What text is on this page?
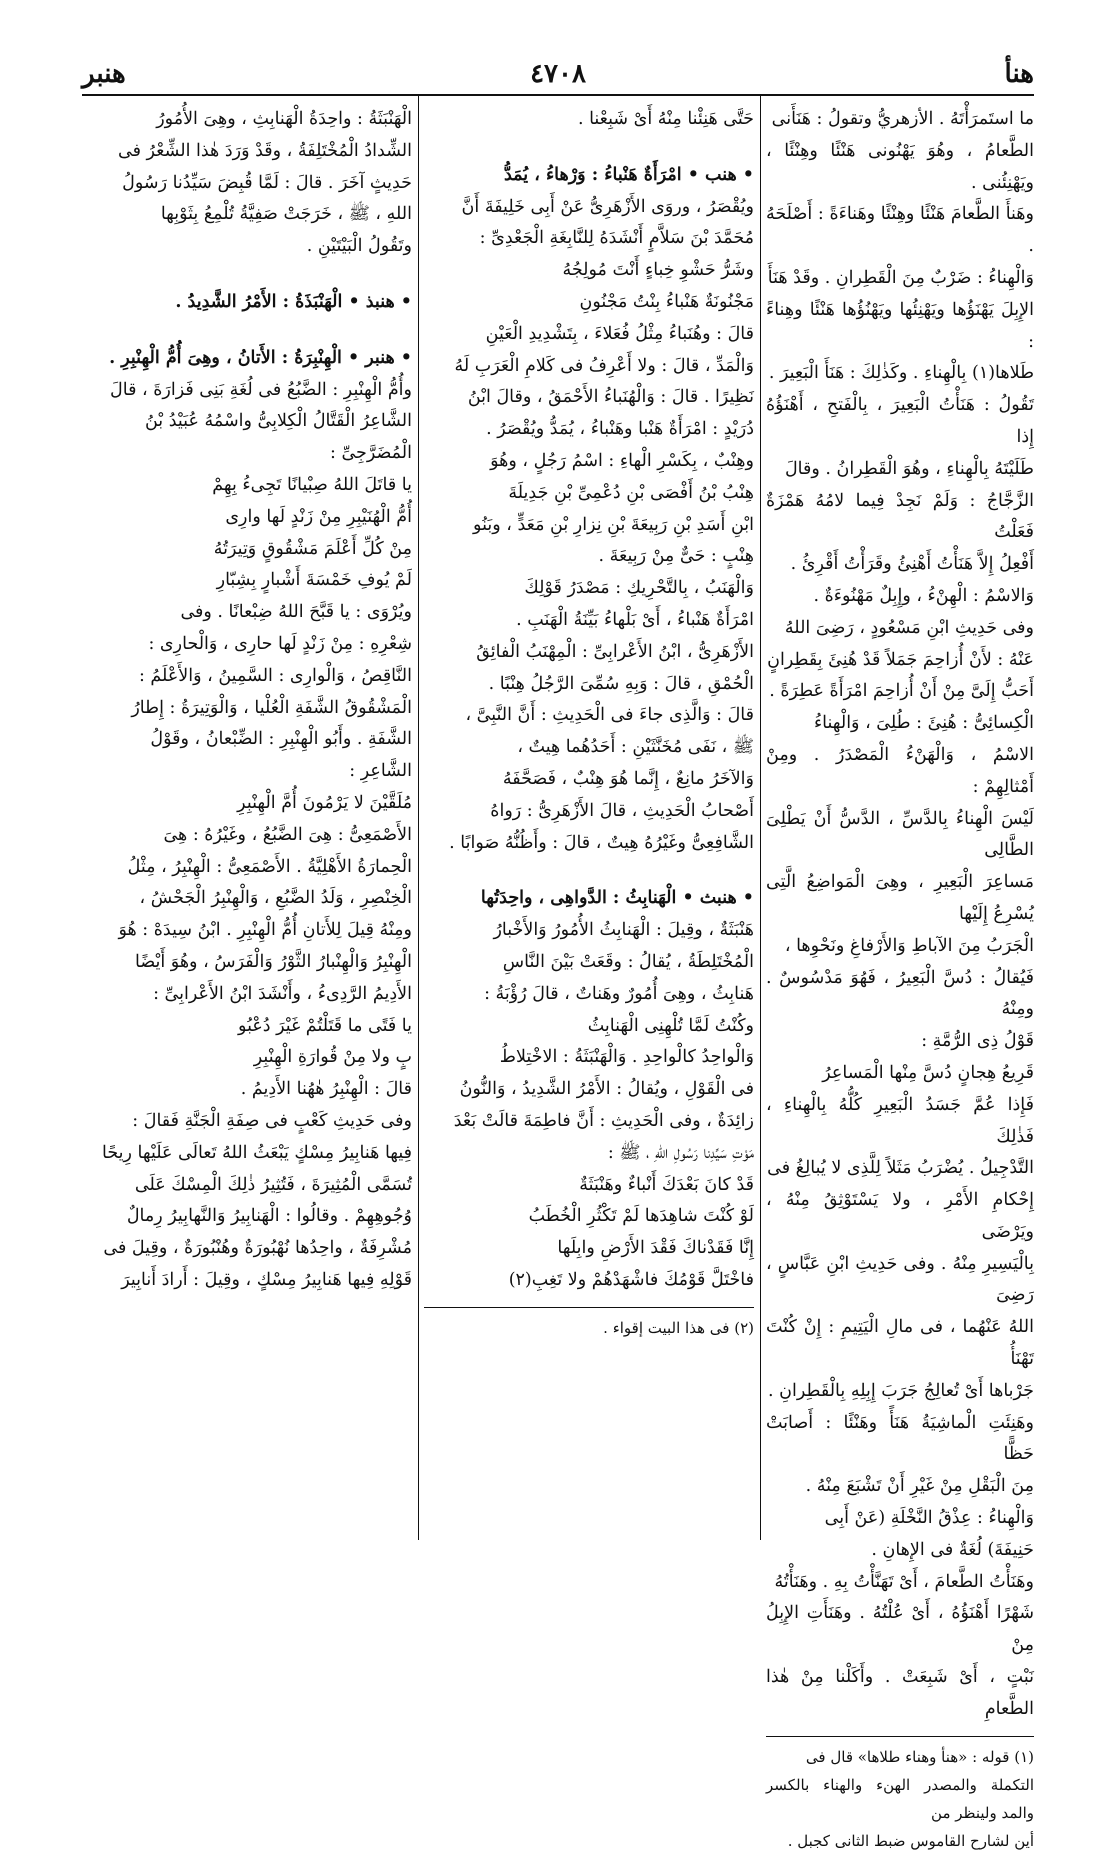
٤٧٠٨	هنأ
هنبر

ما استَمرَأْتَهُ . الأزهريُّ وتقولُ : هَنَأَنى

الطَّعامُ ، وهُوَ يَهْنُونى هَنْئًا وهِنْئًا ، ويَهْنِئُنى .

وهَنأَ الطَّعامَ هَنْئًا وهِنْئًا وهَناءَةً : أَصْلَحَهُ .

وَالْهِناءُ : ضَرْبٌ مِنَ الْقَطِرانِ . وقَدْ هَنَأَ

الإِبِلَ يَهْنَؤُها ويَهْنِئُها ويَهْنُؤُها هَنْئًا وهِناءً :

طَلاها(١) بِالْهِناءِ . وكَذٰلِكَ : هَنَأَ الْبَعِيرَ .

تَقُولُ : هَنَأْتُ الْبَعِيرَ ، بِالْفَتحِ ، أَهْنَؤُهُ إِذا

طَلَيْتَهُ بِالْهِناءِ ، وهُوَ الْقَطِرانُ . وقالَ

الزَّجَّاجُ : وَلَمْ نَجِدْ فِيما لامُهُ هَمْزَةٌ فَعَلْتُ

أَفْعِلُ إِلاَّ هَنَأْتُ أَهْنِئُ وقَرَأْتُ أَقْرِئُ .

وَالاسْمُ : الْهِنْءُ ، وإِبِلٌ مَهْنُوءَةٌ .

وفى حَدِيثِ ابْنِ مَسْعُودٍ ، رَضِىَ اللهُ

عَنْهُ : لأَنْ أُزاحِمَ جَمَلاً قَدْ هُنِئَ بِقَطِرانٍ

أَحَبُّ إِلَىَّ مِنْ أَنْ أُزاحِمَ امْرَأَةً عَطِرَةً .

الْكِسائِىُّ : هُنِئَ : طُلِىَ ، وَالْهِناءُ

الاسْمُ ، وَالْهَنْءُ الْمَصْدَرُ . ومِنْ أَمْثالِهِمْ :

لَيْسَ الْهِناءُ بِالدَّسِّ ، الدَّسُّ أَنْ يَطْلِىَ الطَّالِى

مَساعِرَ الْبَعِيرِ ، وهِىَ الْمَواضِعُ الَّتِى يُسْرِعُ إِلَيْها

الْجَرَبُ مِنَ الآباطِ وَالأَرْفاغِ ونَحْوِها ،

فَيُقالُ : دُسَّ الْبَعِيرُ ، فَهُوَ مَدْسُوسٌ . ومِنْهُ

قَوْلُ ذِى الرُّمَّةِ :

قَرِيعُ هِجانٍ دُسَّ مِنْها الْمَساعِرُ

فَإِذا عُمَّ جَسَدُ الْبَعِيرِ كُلُّهُ بِالْهِناءِ ، فَذٰلِكَ

التَّدْجِيلُ . يُضْرَبُ مَثَلاً لِلَّذِى لا يُبالِغُ فى

إِحْكامِ الأَمْرِ ، ولا يَسْتَوْثِقُ مِنْهُ ، ويَرْضَى

بِالْيَسِيرِ مِنْهُ . وفى حَدِيثِ ابْنِ عَبَّاسٍ ، رَضِىَ

اللهُ عَنْهُما ، فى مالِ الْيَتِيمِ : إِنْ كُنْتَ تَهْنَأُ

جَرْباها أَىْ تُعالِجُ جَرَبَ إِبِلِهِ بِالْقَطِرانِ .

وهَنِئَتِ الْماشِيَةُ هَنَأً وهَنْئًا : أَصابَتْ حَظًّا

مِنَ الْبَقْلِ مِنْ غَيْرِ أَنْ تَشْبَعَ مِنْهُ .

وَالْهِناءُ : عِذْقُ النَّخْلَةِ (عَنْ أَبِى

حَنِيفَةَ) لُغَةٌ فى الإِهانِ .

وهَنَأْتُ الطَّعامَ ، أَىْ تَهَنَّأْتُ بِهِ . وهَنَأْتُهُ

شَهْرًا أَهْنَؤُهُ ، أَىْ عُلْتُهُ . وهَنَأَتِ الإِبِلُ مِنْ

نَبْتٍ ، أَىْ شَبِعَتْ . وأَكَلْنا مِنْ هٰذا الطَّعامِ

(١) قوله : «هنأ وهناء طلاها» قال فى

التكملة والمصدر الهنء والهناء بالكسر والمد ولينظر من

أين لشارح القاموس ضبط الثانى كجبل .

حَتَّى هَنِئْنا مِنْهُ أَىْ شَبِعْنا .

• هنب • امْرَأَةٌ هَنْباءُ : وَرْهاءُ ، يُمَدُّ

ويُقْصَرُ ، وروَى الأَزْهَرِىُّ عَنْ أَبِى خَلِيفَةَ أَنَّ

مُحَمَّدَ بْنَ سَلاَّمٍ أَنْشَدَهُ لِلنَّابِغَةِ الْجَعْدِىِّ :

وشَرُّ حَشْوِ خِباءٍ أَنْتَ مُولِجُهُ

مَجْنُونَةٌ هَنْباءُ بِنْتُ مَجْنُونِ

قالَ : وهُنَباءُ مِثْلُ فُعَلاءَ ، بِتَشْدِيدِ الْعَيْنِ

وَالْمَدِّ ، قالَ : ولا أَعْرِفُ فى كَلامِ الْعَرَبِ لَهُ

نَظِيرًا . قالَ : وَالْهُنَباءُ الأَحْمَقُ ، وقالَ ابْنُ

دُرَيْدٍ : امْرَأَةٌ هَنْبا وهَنْباءُ ، يُمَدُّ ويُقْصَرُ .

وهِنْبٌ ، بِكَسْرِ الْهاءِ : اسْمُ رَجُلٍ ، وهُوَ

هِنْبُ بْنُ أَفْصَى بْنِ دُعْمِىِّ بْنِ جَدِيلَةَ

ابْنِ أَسَدِ بْنِ رَبِيعَةَ بْنِ نِزارِ بْنِ مَعَدٍّ ، وبَنُو

هِنْبٍ : حَىٌّ مِنْ رَبِيعَةَ .

وَالْهَنَبُ ، بِالتَّحْرِيكِ : مَصْدَرُ قَوْلِكَ

امْرَأَةٌ هَنْباءُ ، أَىْ بَلْهاءُ بَيِّنَةُ الْهَنَبِ .

الأَزْهَرِىُّ ، ابْنُ الأَعْرابِىِّ : الْمِهْنَبُ الْفائِقُ

الْحُمْقِ ، قالَ : وَبِهِ سُمِّىَ الرَّجُلُ هِنْبًا .

قالَ : وَالَّذِى جاءَ فى الْحَدِيثِ : أَنَّ النَّبِىَّ ،

ﷺ ، نَفَى مُخَنَّثَيْنِ : أَحَدُهُما هِيتٌ ،

وَالآخَرُ مانِعٌ ، إِنَّما هُوَ هِنْبٌ ، فَصَحَّفَهُ

أَصْحابُ الْحَدِيثِ ، قالَ الأَزْهَرِىُّ : رَواهُ

الشَّافِعِىُّ وغَيْرُهُ هِيتٌ ، قالَ : وأَظُنُّهُ صَوابًا .

• هنبث • الْهَنابِثُ : الدَّواهِى ، واحِدَتُها

هَنْبَثَةٌ ، وقِيلَ : الْهَنابِثُ الأُمُورُ وَالأَخْبارُ

الْمُخْتَلِطَةُ ، يُقالُ : وقَعَتْ بَيْنَ النَّاسِ

هَنابِثُ ، وهِىَ أُمُورٌ وهَناتٌ ، قالَ رُؤْبَةُ :

وكُنْتُ لَمَّا تُلْهِنِى الْهَنابِثُ

وَالْواحِدُ كالْواحِدِ . وَالْهَنْبَثَةُ : الاخْتِلاطُ

فى الْقَوْلِ ، ويُقالُ : الأَمْرُ الشَّدِيدُ ، وَالنُّونُ

زائِدَةٌ ، وفى الْحَدِيثِ : أَنَّ فاطِمَةَ قالَتْ بَعْدَ

مَوْتِ سَيِّدِنا رَسُولِ اللهِ ، ﷺ :

قَدْ كانَ بَعْدَكَ أَنْباءٌ وهَنْبَثَةٌ

لَوْ كُنْتَ شاهِدَها لَمْ تَكْثُرِ الْخُطَبُ

إِنَّا فَقَدْناكَ فَقْدَ الأَرْضِ وابِلَها

فاخْتَلَّ قَوْمُكَ فاشْهَدْهُمْ ولا تَغِبِ(٢)

(٢) فى هذا البيت إقواء .

الْهَنْبَثَةُ : واحِدَةُ الْهَنابِثِ ، وهِىَ الأُمُورُ

الشِّدادُ الْمُخْتَلِفَةُ ، وقَدْ وَرَدَ هٰذا الشِّعْرُ فى

حَدِيثٍ آخَرَ . قالَ : لَمَّا قُبِضَ سَيِّدُنا رَسُولُ

اللهِ ، ﷺ ، خَرَجَتْ صَفِيَّةُ تُلْمِعُ بِثَوْبِها

وتَقُولُ الْبَيْتَيْنِ .

• هنبذ • الْهَنْبَذَةُ : الأَمْرُ الشَّدِيدُ .

• هنبر • الْهِنْبِرَةُ : الأَتانُ ، وهِىَ أُمُّ الْهِنْبِرِ .

وأُمُّ الْهِنْبِرِ : الضَّبُعُ فى لُغَةِ بَنِى فَزارَةَ ، قالَ

الشَّاعِرُ الْقَتَّالُ الْكِلابِىُّ واسْمُهُ عُبَيْدُ بْنُ

الْمُضَرَّجِىِّ :

يا قاتَلَ اللهُ صِبْيانًا تَجِىءُ بِهِمْ

أُمُّ الْهُنَيْبِرِ مِنْ زَنْدٍ لَها وارِى

مِنْ كُلِّ أَعْلَمَ مَشْقُوقٍ وَتِيرَتُهُ

لَمْ يُوفِ خَمْسَةَ أَشْبارٍ بِشِبّارِ

ويُرْوَى : يا قَبَّحَ اللهُ ضِبْعانًا . وفى

شِعْرِهِ : مِنْ زَنْدٍ لَها حارِى ، وَالْحارِى :

النَّاقِصُ ، وَالْوارِى : السَّمِينُ ، وَالأَعْلَمُ :

الْمَشْقُوقُ الشَّفَةِ الْعُلْيا ، وَالْوَتِيرَةُ : إِطارُ

الشَّفَةِ . وأَبُو الْهِنْبِرِ : الضِّبْعانُ ، وقَوْلُ

الشَّاعِرِ :

مُلَقَّيْنَ لا يَرْمُونَ أُمَّ الْهِنْبِرِ

الأَصْمَعِىُّ : هِىَ الضَّبُعُ ، وغَيْرُهُ : هِىَ

الْحِمارَةُ الأَهْلِيَّةُ . الأَصْمَعِىُّ : الْهِنْبِرُ ، مِثْلُ

الْخِنْصِرِ ، وَلَدُ الضَّبُعِ ، وَالْهِنْبِرُ الْجَحْشُ ،

ومِنْهُ قِيلَ لِلأَتانِ أُمُّ الْهِنْبِرِ . ابْنُ سِيدَهْ : هُوَ

الْهِنْبِرُ وَالْهِنْبارُ الثَّوْرُ وَالْفَرَسُ ، وهُوَ أَيْضًا

الأَدِيمُ الرَّدِىءُ ، وأَنْشَدَ ابْنُ الأَعْرابِىِّ :

يا فَتًى ما قَتَلْتُمْ غَيْرَ دُعْبُو

بٍ ولا مِنْ قُوارَةِ الْهِنْبِرِ

قالَ : الْهِنْبِرُ هٰهُنا الأَدِيمُ .

وفى حَدِيثِ كَعْبٍ فى صِفَةِ الْجَنَّةِ فَقالَ :

فِيها هَنابِيرُ مِسْكٍ يَبْعَثُ اللهُ تَعالَى عَلَيْها رِيحًا

تُسَمَّى الْمُثِيرَةَ ، فَتُثِيرُ ذٰلِكَ الْمِسْكَ عَلَى

وُجُوهِهِمْ . وقالُوا : الْهَنابِيرُ وَالنَّهابِيرُ رِمالٌ

مُشْرِفَةٌ ، واحِدُها نُهْبُورَةٌ وهُنْبُورَةٌ ، وقِيلَ فى

قَوْلِهِ فِيها هَنابِيرُ مِسْكٍ ، وقِيلَ : أَرادَ أَنابِيرَ
